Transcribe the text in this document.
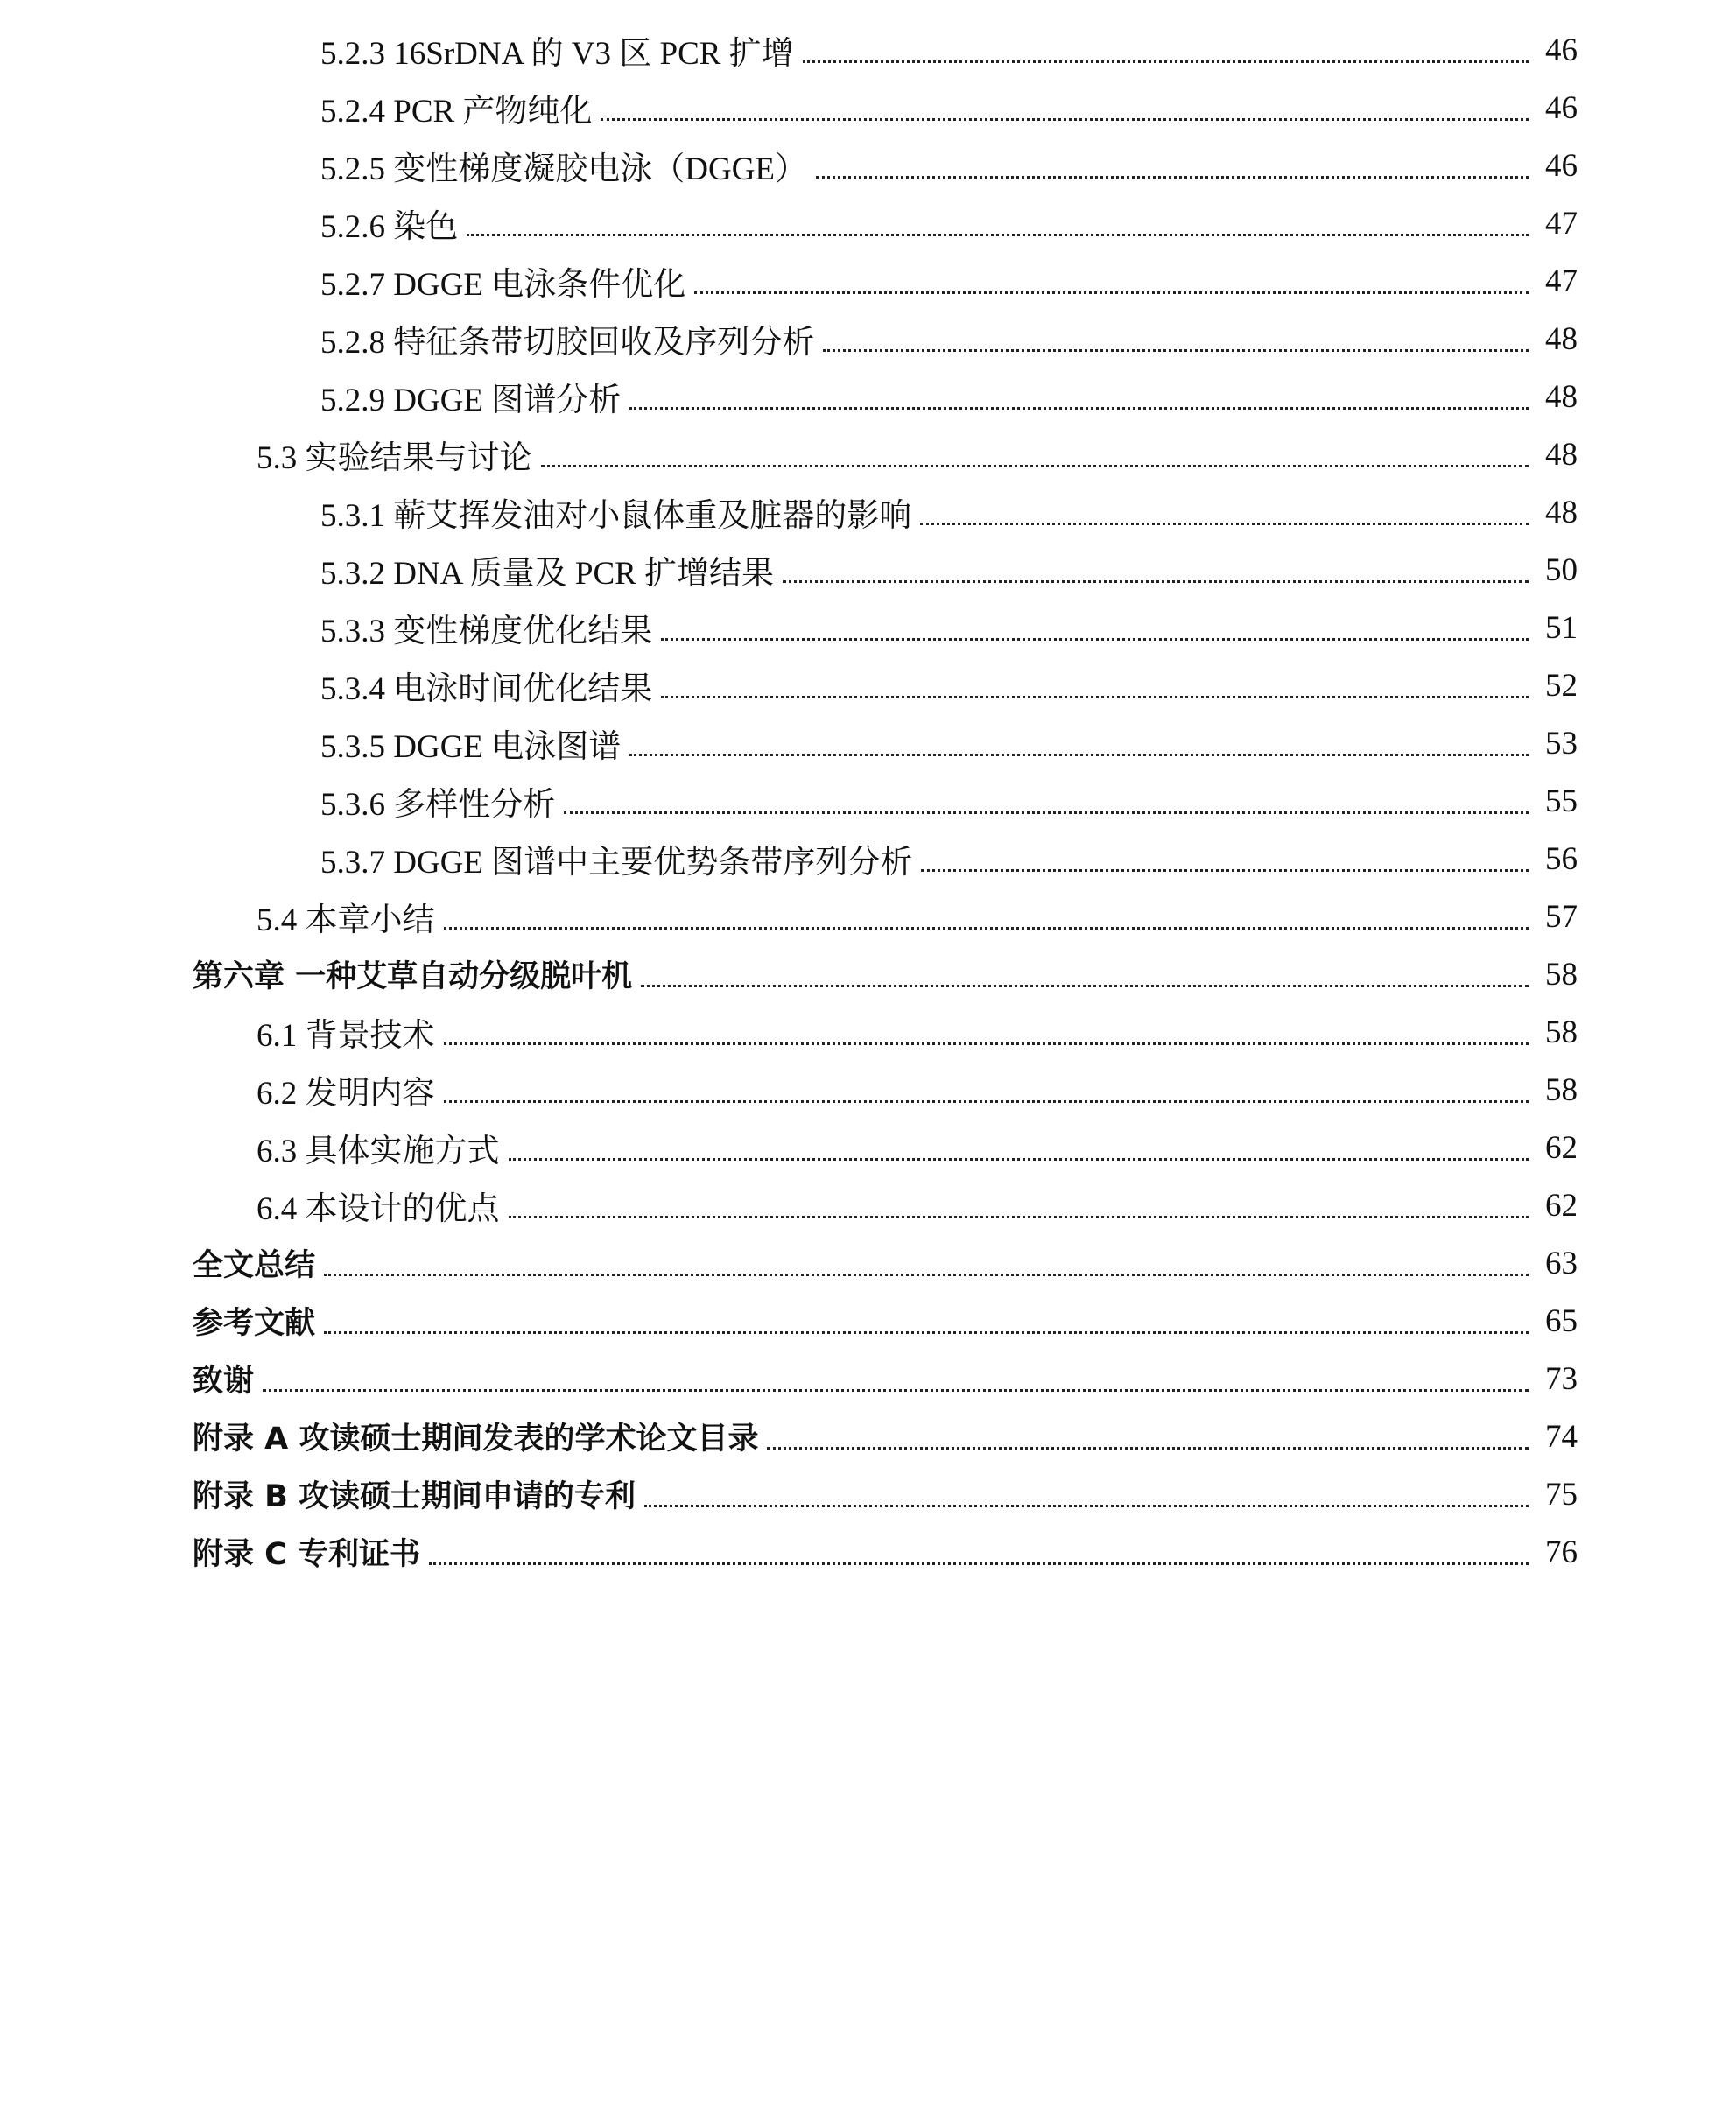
5.2.3 16SrDNA 的 V3 区 PCR 扩增	46
5.2.4 PCR 产物纯化	46
5.2.5 变性梯度凝胶电泳（DGGE）	46
5.2.6 染色	47
5.2.7 DGGE 电泳条件优化	47
5.2.8 特征条带切胶回收及序列分析	48
5.2.9 DGGE 图谱分析	48
5.3 实验结果与讨论	48
5.3.1 蕲艾挥发油对小鼠体重及脏器的影响	48
5.3.2 DNA 质量及 PCR 扩增结果	50
5.3.3 变性梯度优化结果	51
5.3.4 电泳时间优化结果	52
5.3.5 DGGE 电泳图谱	53
5.3.6 多样性分析	55
5.3.7 DGGE 图谱中主要优势条带序列分析	56
5.4 本章小结	57
第六章 一种艾草自动分级脱叶机	58
6.1 背景技术	58
6.2 发明内容	58
6.3 具体实施方式	62
6.4 本设计的优点	62
全文总结	63
参考文献	65
致谢	73
附录 A 攻读硕士期间发表的学术论文目录	74
附录 B 攻读硕士期间申请的专利	75
附录 C 专利证书	76
